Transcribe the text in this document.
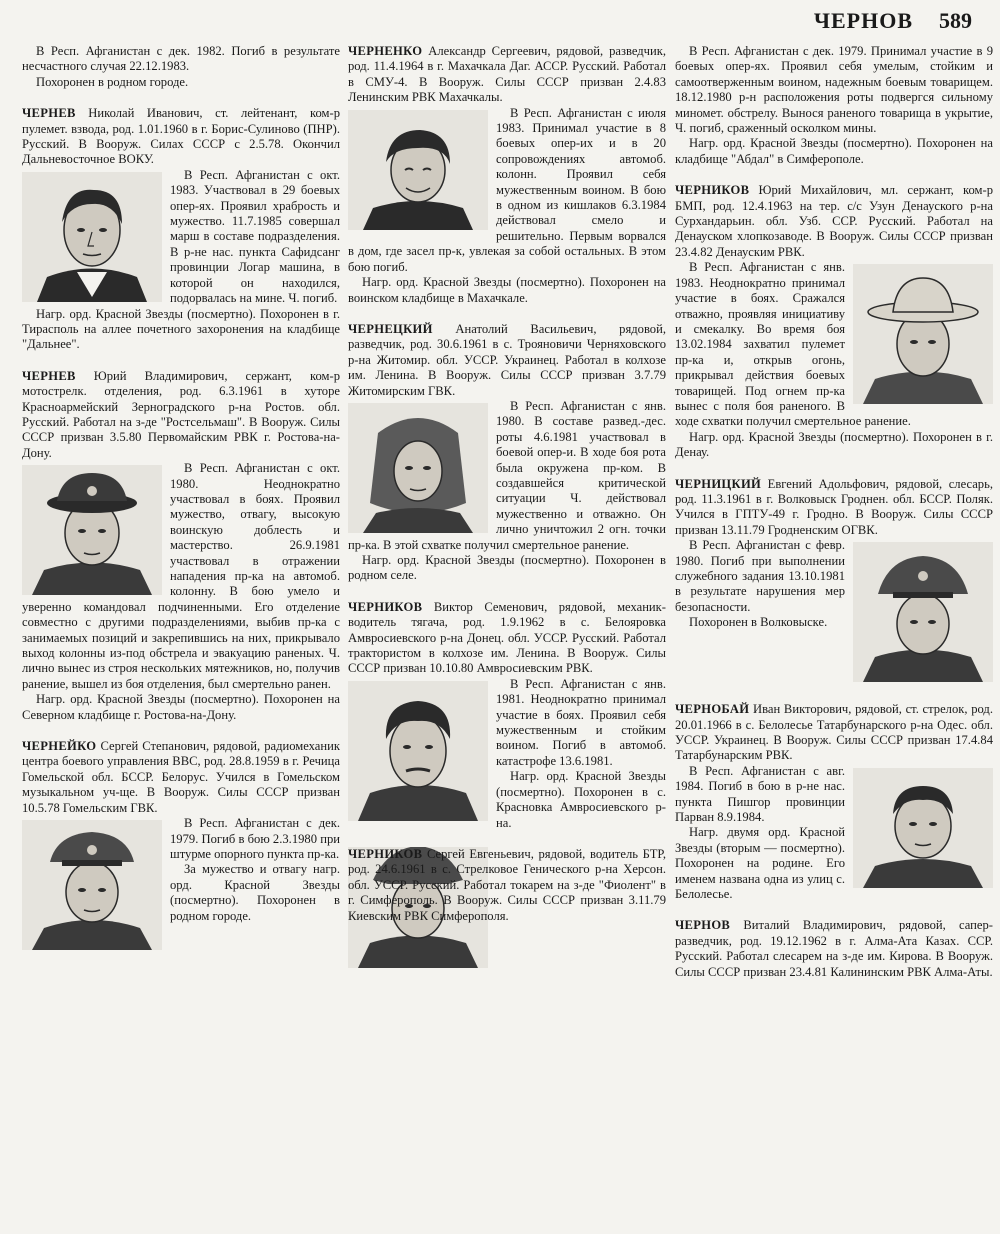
ЧЕРНОВ 589

В Респ. Афганистан с дек. 1982. Погиб в результате несчастного случая 22.12.1983.

Похоронен в родном городе.

ЧЕРНЕВ Николай Иванович, ст. лейтенант, ком-р пулемет. взвода, род. 1.01.1960 в г. Борис-Сулиново (ПНР). Русский. В Вооруж. Силах СССР с 2.5.78. Окончил Дальневосточное ВОКУ.

В Респ. Афганистан с окт. 1983. Участвовал в 29 боевых опер-ях. Проявил храбрость и мужество. 11.7.1985 совершал марш в составе подразделения. В р-не нас. пункта Сафидсанг провинции Логар машина, в которой он находился, подорвалась на мине. Ч. погиб.

Нагр. орд. Красной Звезды (посмертно). Похоронен в г. Тирасполь на аллее почетного захоронения на кладбище "Дальнее".

ЧЕРНЕВ Юрий Владимирович, сержант, ком-р мотострелк. отделения, род. 6.3.1961 в хуторе Красноармейский Зерноградского р-на Ростов. обл. Русский. Работал на з-де "Ростсельмаш". В Вооруж. Силы СССР призван 3.5.80 Первомайским РВК г. Ростова-на-Дону.

В Респ. Афганистан с окт. 1980. Неоднократно участвовал в боях. Проявил мужество, отвагу, высокую воинскую доблесть и мастерство. 26.9.1981 участвовал в отражении нападения пр-ка на автомоб. колонну. В бою умело и уверенно командовал подчиненными. Его отделение совместно с другими подразделениями, выбив пр-ка с занимаемых позиций и закрепившись на них, прикрывало выход колонны из-под обстрела и эвакуацию раненых. Ч. лично вынес из строя нескольких мятежников, но, получив ранение, вышел из боя отделения, был смертельно ранен.

Нагр. орд. Красной Звезды (посмертно). Похоронен на Северном кладбище г. Ростова-на-Дону.

ЧЕРНЕЙКО Сергей Степанович, рядовой, радиомеханик центра боевого управления ВВС, род. 28.8.1959 в г. Речица Гомельской обл. БССР. Белорус. Учился в Гомельском музыкальном уч-ще. В Вооруж. Силы СССР призван 10.5.78 Гомельским ГВК.

В Респ. Афганистан с дек. 1979. Погиб в бою 2.3.1980 при штурме опорного пункта пр-ка.

За мужество и отвагу нагр. орд. Красной Звезды (посмертно). Похоронен в родном городе.

ЧЕРНЕНКО Александр Сергеевич, рядовой, разведчик, род. 11.4.1964 в г. Махачкала Даг. АССР. Русский. Работал в СМУ-4. В Вооруж. Силы СССР призван 2.4.83 Ленинским РВК Махачкалы.

В Респ. Афганистан с июля 1983. Принимал участие в 8 боевых опер-их и в 20 сопровождениях автомоб. колонн. Проявил себя мужественным воином. В бою в одном из кишлаков 6.3.1984 действовал смело и решительно. Первым ворвался в дом, где засел пр-к, увлекая за собой остальных. В этом бою погиб.

Нагр. орд. Красной Звезды (посмертно). Похоронен на воинском кладбище в Махачкале.

ЧЕРНЕЦКИЙ Анатолий Васильевич, рядовой, разведчик, род. 30.6.1961 в с. Трояновичи Черняховского р-на Житомир. обл. УССР. Украинец. Работал в колхозе им. Ленина. В Вооруж. Силы СССР призван 3.7.79 Житомирским ГВК.

В Респ. Афганистан с янв. 1980. В составе развед.-дес. роты 4.6.1981 участвовал в боевой опер-и. В ходе боя рота была окружена пр-ком. В создавшейся критической ситуации Ч. действовал мужественно и отважно. Он лично уничтожил 2 огн. точки пр-ка. В этой схватке получил смертельное ранение.

Нагр. орд. Красной Звезды (посмертно). Похоронен в родном селе.

ЧЕРНИКОВ Виктор Семенович, рядовой, механик-водитель тягача, род. 1.9.1962 в с. Белояровка Амвросиевского р-на Донец. обл. УССР. Русский. Работал трактористом в колхозе им. Ленина. В Вооруж. Силы СССР призван 10.10.80 Амвросиевским РВК.

В Респ. Афганистан с янв. 1981. Неоднократно принимал участие в боях. Проявил себя мужественным и стойким воином. Погиб в автомоб. катастрофе 13.6.1981.

Нагр. орд. Красной Звезды (посмертно). Похоронен в с. Красновка Амвросиевского р-на.

ЧЕРНИКОВ Сергей Евгеньевич, рядовой, водитель БТР, род. 24.6.1961 в с. Стрелковое Генического р-на Херсон. обл. УССР. Русский. Работал токарем на з-де "Фиолент" в г. Симферополь. В Вооруж. Силы СССР призван 3.11.79 Киевским РВК Симферополя.

В Респ. Афганистан с дек. 1979. Принимал участие в 9 боевых опер-ях. Проявил себя умелым, стойким и самоотверженным воином, надежным боевым товарищем. 18.12.1980 р-н расположения роты подвергся сильному миномет. обстрелу. Вынося раненого товарища в укрытие, Ч. погиб, сраженный осколком мины.

Нагр. орд. Красной Звезды (посмертно). Похоронен на кладбище "Абдал" в Симферополе.

ЧЕРНИКОВ Юрий Михайлович, мл. сержант, ком-р БМП, род. 12.4.1963 на тер. с/с Узун Денауского р-на Сурхандарьин. обл. Узб. ССР. Русский. Работал на Денауском хлопкозаводе. В Вооруж. Силы СССР призван 23.4.82 Денауским РВК.

В Респ. Афганистан с янв. 1983. Неоднократно принимал участие в боях. Сражался отважно, проявляя инициативу и смекалку. Во время боя 13.02.1984 захватил пулемет пр-ка и, открыв огонь, прикрывал действия боевых товарищей. Под огнем пр-ка вынес с поля боя раненого. В ходе схватки получил смертельное ранение.

Нагр. орд. Красной Звезды (посмертно). Похоронен в г. Денау.

ЧЕРНИЦКИЙ Евгений Адольфович, рядовой, слесарь, род. 11.3.1961 в г. Волковыск Гроднен. обл. БССР. Поляк. Учился в ГПТУ-49 г. Гродно. В Вооруж. Силы СССР призван 13.11.79 Гродненским ОГВК.

В Респ. Афганистан с февр. 1980. Погиб при выполнении служебного задания 13.10.1981 в результате нарушения мер безопасности.

Похоронен в Волковыске.

ЧЕРНОБАЙ Иван Викторович, рядовой, ст. стрелок, род. 20.01.1966 в с. Белолесье Татарбунарского р-на Одес. обл. УССР. Украинец. В Вооруж. Силы СССР призван 17.4.84 Татарбунарским РВК.

В Респ. Афганистан с авг. 1984. Погиб в бою в р-не нас. пункта Пишгор провинции Парван 8.9.1984.

Нагр. двумя орд. Красной Звезды (вторым — посмертно). Похоронен на родине. Его именем названа одна из улиц с. Белолесье.

ЧЕРНОВ Виталий Владимирович, рядовой, сапер-разведчик, род. 19.12.1962 в г. Алма-Ата Казах. ССР. Русский. Работал слесарем на з-де им. Кирова. В Вооруж. Силы СССР призван 23.4.81 Калининским РВК Алма-Аты.
